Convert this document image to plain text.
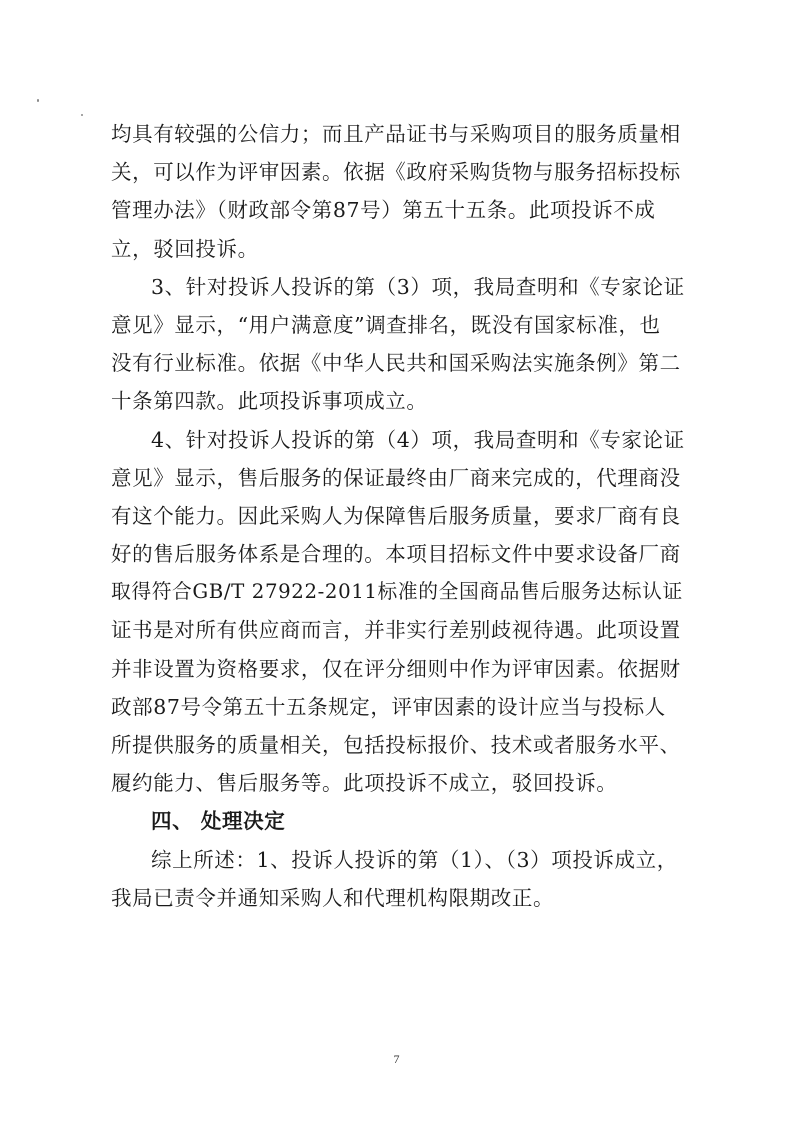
均具有较强的公信力；而且产品证书与采购项目的服务质量相
关，可以作为评审因素。依据《政府采购货物与服务招标投标
管理办法》（财政部令第87号）第五十五条。此项投诉不成
立，驳回投诉。
3、针对投诉人投诉的第（3）项，我局查明和《专家论证
意见》显示，“用户满意度”调查排名，既没有国家标准，也
没有行业标准。依据《中华人民共和国采购法实施条例》第二
十条第四款。此项投诉事项成立。
4、针对投诉人投诉的第（4）项，我局查明和《专家论证
意见》显示，售后服务的保证最终由厂商来完成的，代理商没
有这个能力。因此采购人为保障售后服务质量，要求厂商有良
好的售后服务体系是合理的。本项目招标文件中要求设备厂商
取得符合GB/T 27922-2011标准的全国商品售后服务达标认证
证书是对所有供应商而言，并非实行差别歧视待遇。此项设置
并非设置为资格要求，仅在评分细则中作为评审因素。依据财
政部87号令第五十五条规定，评审因素的设计应当与投标人
所提供服务的质量相关，包括投标报价、技术或者服务水平、
履约能力、售后服务等。此项投诉不成立，驳回投诉。
四、 处理决定
综上所述：1、投诉人投诉的第（1）、（3）项投诉成立，
我局已责令并通知采购人和代理机构限期改正。
7
